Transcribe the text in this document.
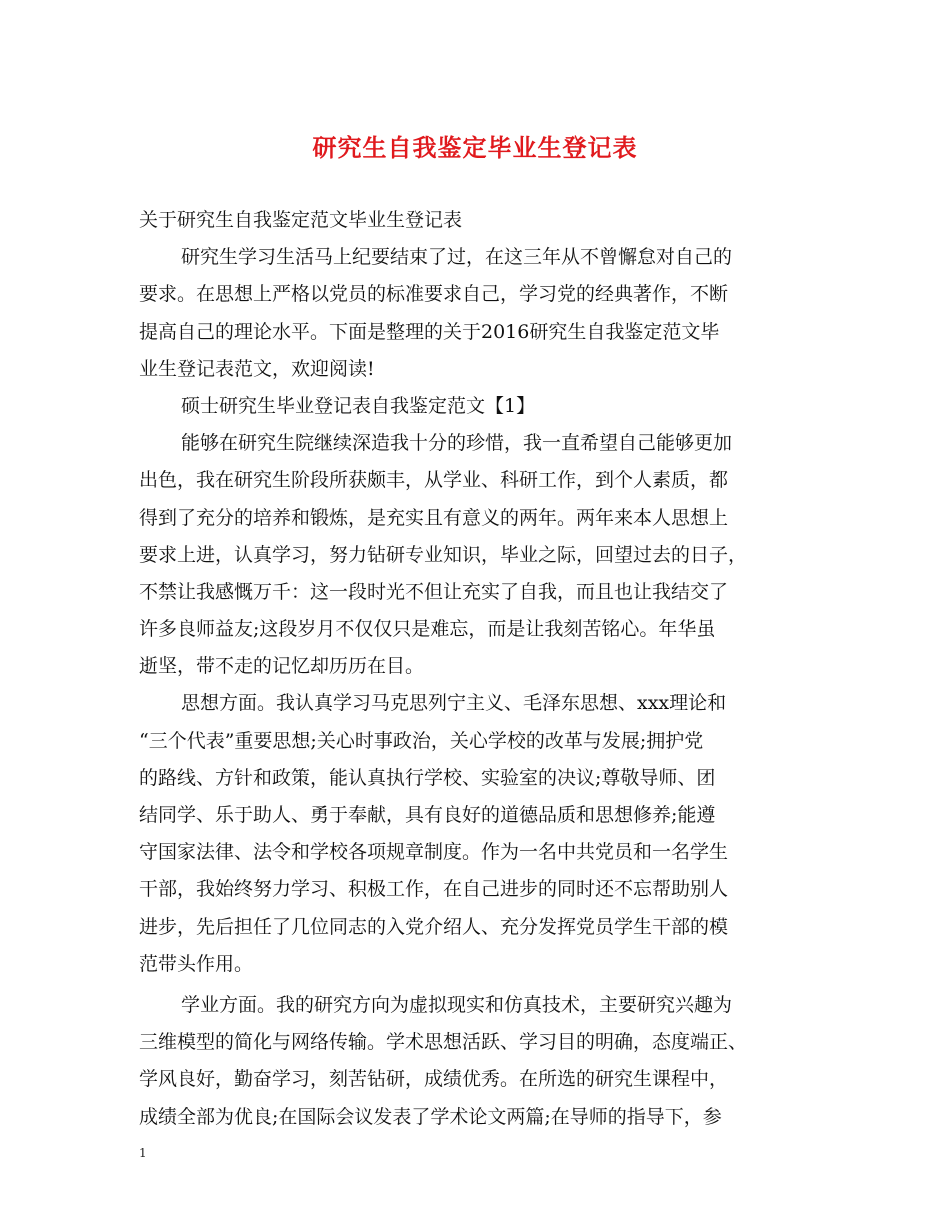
研究生自我鉴定毕业生登记表
关于研究生自我鉴定范文毕业生登记表
研究生学习生活马上纪要结束了过，在这三年从不曾懈怠对自己的
要求。在思想上严格以党员的标准要求自己，学习党的经典著作，不断
提高自己的理论水平。下面是整理的关于2016研究生自我鉴定范文毕
业生登记表范文，欢迎阅读!
硕士研究生毕业登记表自我鉴定范文【1】
能够在研究生院继续深造我十分的珍惜，我一直希望自己能够更加
出色，我在研究生阶段所获颇丰，从学业、科研工作，到个人素质，都
得到了充分的培养和锻炼，是充实且有意义的两年。两年来本人思想上
要求上进，认真学习，努力钻研专业知识，毕业之际，回望过去的日子，
不禁让我感慨万千：这一段时光不但让充实了自我，而且也让我结交了
许多良师益友;这段岁月不仅仅只是难忘，而是让我刻苦铭心。年华虽
逝坚，带不走的记忆却历历在目。
思想方面。我认真学习马克思列宁主义、毛泽东思想、xxx理论和
“三个代表”重要思想;关心时事政治，关心学校的改革与发展;拥护党
的路线、方针和政策，能认真执行学校、实验室的决议;尊敬导师、团
结同学、乐于助人、勇于奉献，具有良好的道德品质和思想修养;能遵
守国家法律、法令和学校各项规章制度。作为一名中共党员和一名学生
干部，我始终努力学习、积极工作，在自己进步的同时还不忘帮助别人
进步，先后担任了几位同志的入党介绍人、充分发挥党员学生干部的模
范带头作用。
学业方面。我的研究方向为虚拟现实和仿真技术，主要研究兴趣为
三维模型的简化与网络传输。学术思想活跃、学习目的明确，态度端正、
学风良好，勤奋学习，刻苦钻研，成绩优秀。在所选的研究生课程中，
成绩全部为优良;在国际会议发表了学术论文两篇;在导师的指导下，参
1
